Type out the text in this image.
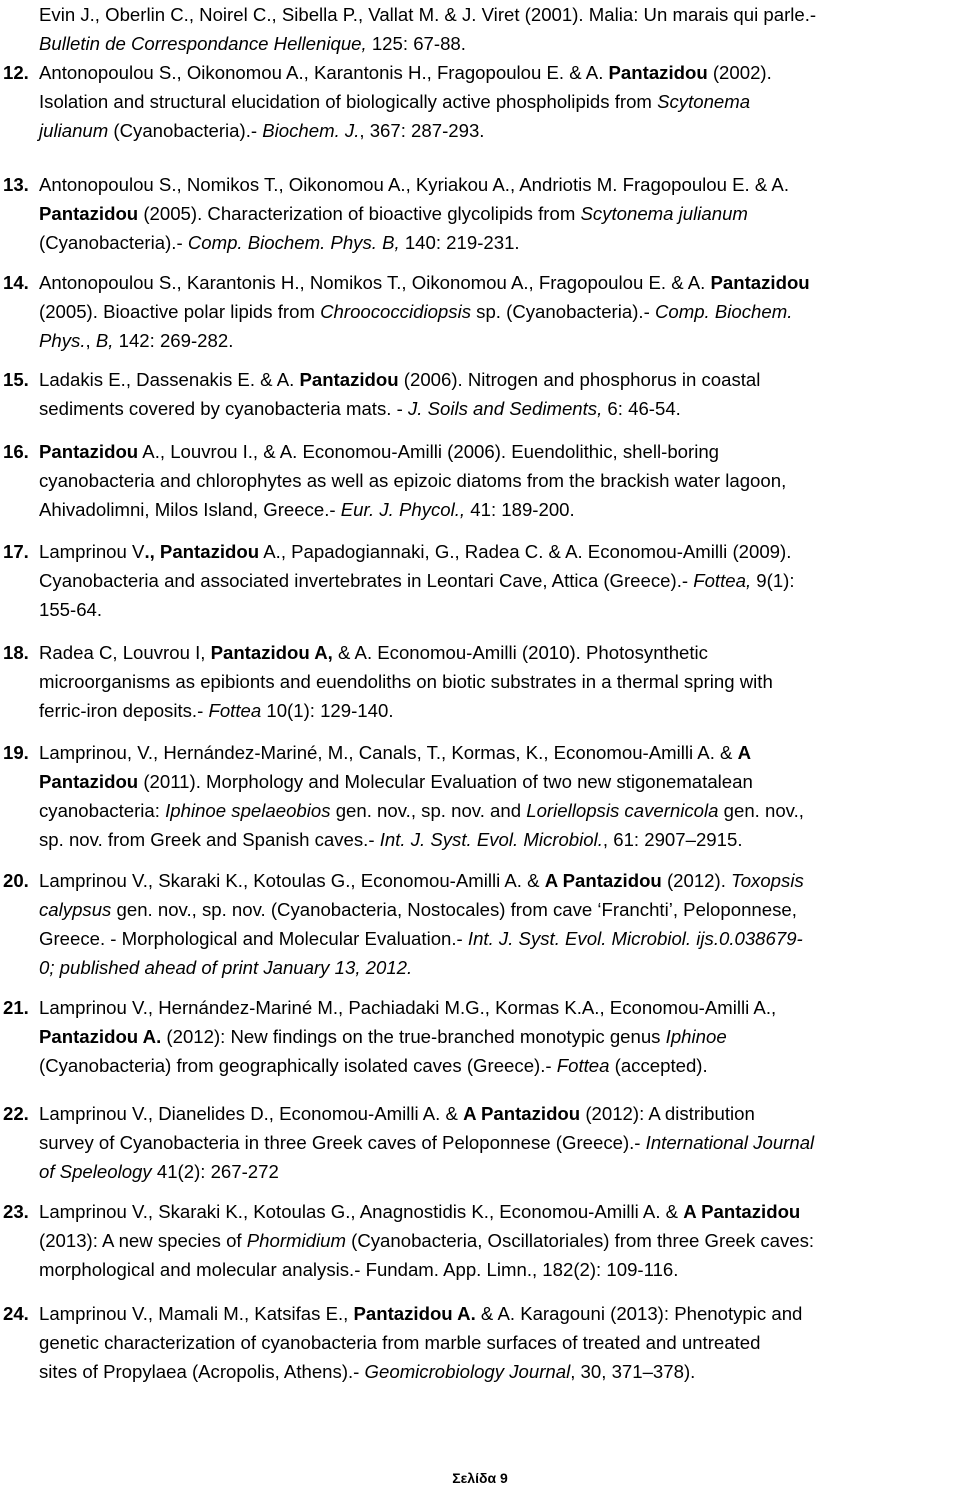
Evin J., Oberlin C., Noirel C., Sibella P., Vallat M. & J. Viret (2001). Malia: Un marais qui parle.-
Bulletin de Correspondance Hellenique, 125: 67-88.
12. Antonopoulou S., Oikonomou A., Karantonis H., Fragopoulou E. & A. Pantazidou (2002).
Isolation and structural elucidation of biologically active phospholipids from Scytonema
julianum (Cyanobacteria).- Biochem. J., 367: 287-293.
13. Antonopoulou S., Nomikos T., Oikonomou A., Kyriakou A., Andriotis M. Fragopoulou E. & A.
Pantazidou (2005). Characterization of bioactive glycolipids from Scytonema julianum
(Cyanobacteria).- Comp. Biochem. Phys. B, 140: 219-231.
14. Antonopoulou S., Karantonis H., Nomikos T., Oikonomou A., Fragopoulou E. & A. Pantazidou
(2005). Bioactive polar lipids from Chroococcidiopsis sp. (Cyanobacteria).- Comp. Biochem.
Phys., B, 142: 269-282.
15. Ladakis E., Dassenakis E. & A. Pantazidou (2006). Nitrogen and phosphorus in coastal
sediments covered by cyanobacteria mats. - J. Soils and Sediments, 6: 46-54.
16. Pantazidou A., Louvrou I., & A. Economou-Amilli (2006). Euendolithic, shell-boring
cyanobacteria and chlorophytes as well as epizoic diatoms from the brackish water lagoon,
Ahivadolimni, Milos Island, Greece.- Eur. J. Phycol., 41: 189-200.
17. Lamprinou V., Pantazidou A., Papadogiannaki, G., Radea C. & A. Economou-Amilli (2009).
Cyanobacteria and associated invertebrates in Leontari Cave, Attica (Greece).- Fottea, 9(1):
155-64.
18. Radea C, Louvrou I, Pantazidou A, & A. Economou-Amilli (2010). Photosynthetic
microorganisms as epibionts and euendoliths on biotic substrates in a thermal spring with
ferric-iron deposits.- Fottea 10(1): 129-140.
19. Lamprinou, V., Hernández-Mariné, M., Canals, T., Kormas, K., Economou-Amilli A. & A
Pantazidou (2011). Morphology and Molecular Evaluation of two new stigonematalean
cyanobacteria: Iphinoe spelaeobios gen. nov., sp. nov. and Loriellopsis cavernicola gen. nov.,
sp. nov. from Greek and Spanish caves.- Int. J. Syst. Evol. Microbiol., 61: 2907–2915.
20. Lamprinou V., Skaraki K., Kotoulas G., Economou-Amilli A. & A Pantazidou (2012). Toxopsis
calypsus gen. nov., sp. nov. (Cyanobacteria, Nostocales) from cave ‘Franchti’, Peloponnese,
Greece. - Morphological and Molecular Evaluation.- Int. J. Syst. Evol. Microbiol. ijs.0.038679-
0; published ahead of print January 13, 2012.
21. Lamprinou V., Hernández-Mariné M., Pachiadaki M.G., Kormas K.A., Economou-Amilli A.,
Pantazidou A. (2012): New findings on the true-branched monotypic genus Iphinoe
(Cyanobacteria) from geographically isolated caves (Greece).- Fottea (accepted).
22. Lamprinou V., Dianelides D., Economou-Amilli A. & A Pantazidou (2012): A distribution
survey of Cyanobacteria in three Greek caves of Peloponnese (Greece).- International Journal
of Speleology 41(2): 267-272
23. Lamprinou V., Skaraki K., Kotoulas G., Anagnostidis K., Economou-Amilli A. & A Pantazidou
(2013): A new species of Phormidium (Cyanobacteria, Oscillatoriales) from three Greek caves:
morphological and molecular analysis.- Fundam. App. Limn., 182(2): 109-116.
24. Lamprinou V., Mamali M., Katsifas E., Pantazidou A. & A. Karagouni (2013): Phenotypic and
genetic characterization of cyanobacteria from marble surfaces of treated and untreated
sites of Propylaea (Acropolis, Athens).- Geomicrobiology Journal, 30, 371–378).
Σελίδα 9
